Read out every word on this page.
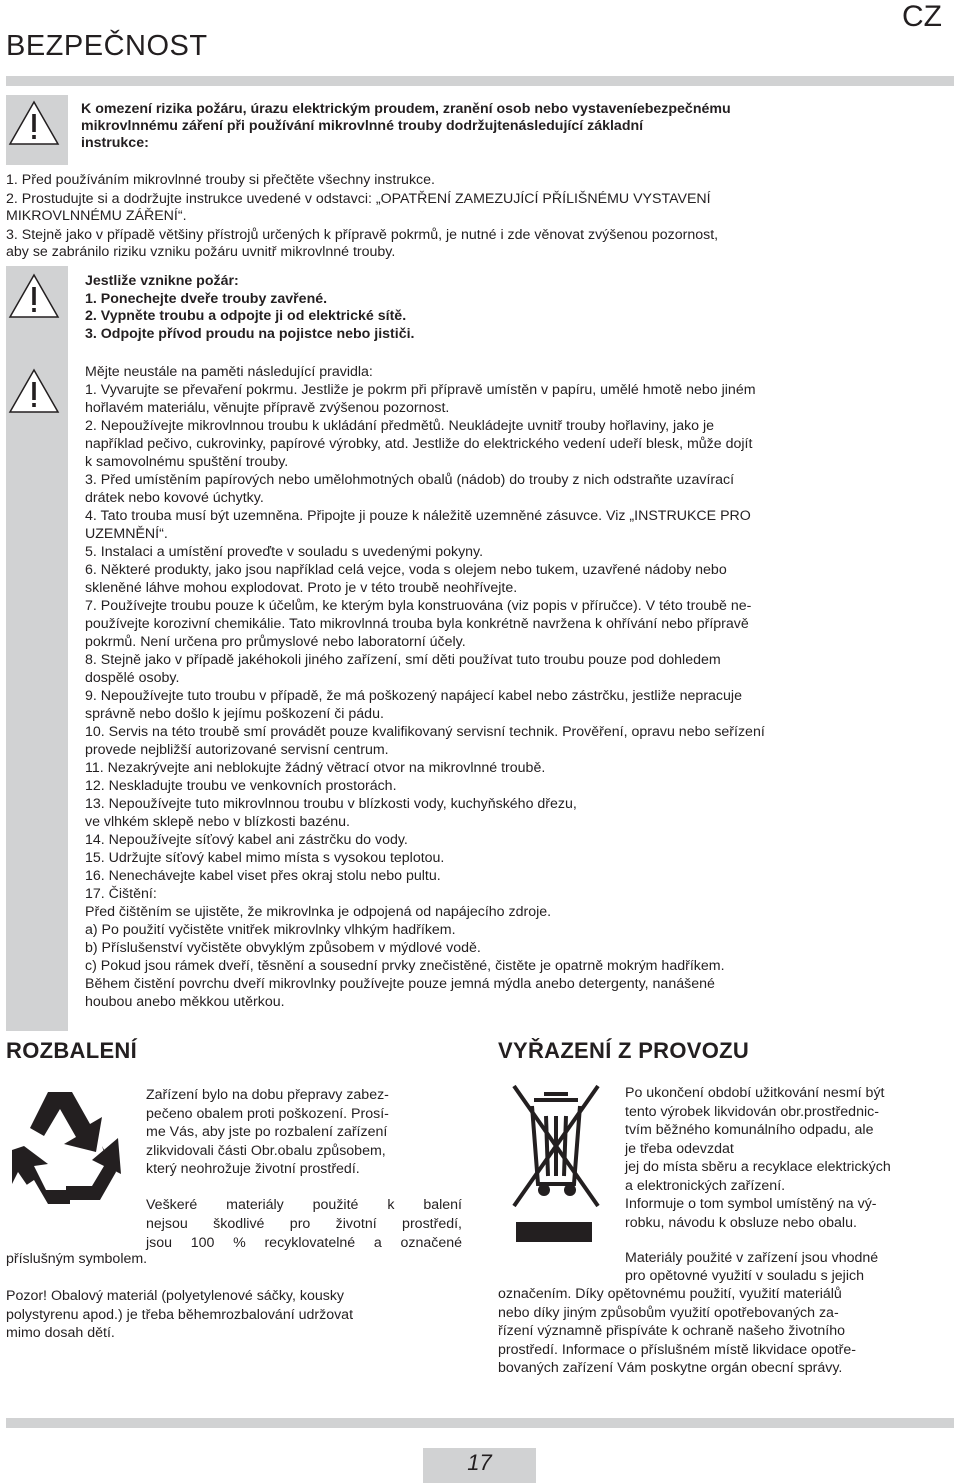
CZ
BEZPEČNOST
K omezení rizika požáru, úrazu elektrickým proudem, zranění osob nebo vystaveníebezpečnému
mikrovlnnému záření při používání mikrovlnné trouby dodržujtenásledující základní
instrukce:
1. Před používáním mikrovlnné trouby si přečtěte všechny instrukce.
2. Prostudujte si a dodržujte instrukce uvedené v odstavci: „OPATŘENÍ ZAMEZUJÍCÍ PŘÍLIŠNÉMU VYSTAVENÍ
MIKROVLNNÉMU ZÁŘENÍ“.
3. Stejně jako v případě většiny přístrojů určených k přípravě pokrmů, je nutné i zde věnovat zvýšenou pozornost,
aby se zabránilo riziku vzniku požáru uvnitř mikrovlnné trouby.
Jestliže vznikne požár:
1. Ponechejte dveře trouby zavřené.
2. Vypněte troubu a odpojte ji od elektrické sítě.
3. Odpojte přívod proudu na pojistce nebo jističi.
Mějte neustále na paměti následující pravidla:
1. Vyvarujte se převaření pokrmu. Jestliže je pokrm při přípravě umístěn v papíru, umělé hmotě nebo jiném
hořlavém materiálu, věnujte přípravě zvýšenou pozornost.
2. Nepoužívejte mikrovlnnou troubu k ukládání předmětů. Neukládejte uvnitř trouby hořlaviny, jako je
například pečivo, cukrovinky, papírové výrobky, atd. Jestliže do elektrického vedení udeří blesk, může dojít
k samovolnému spuštění trouby.
3. Před umístěním papírových nebo umělohmotných obalů (nádob) do trouby z nich odstraňte uzavírací
drátek nebo kovové úchytky.
4. Tato trouba musí být uzemněna. Připojte ji pouze k náležitě uzemněné zásuvce. Viz „INSTRUKCE PRO
UZEMNĚNÍ“.
5. Instalaci a umístění proveďte v souladu s uvedenými pokyny.
6. Některé produkty, jako jsou například celá vejce, voda s olejem nebo tukem, uzavřené nádoby nebo
skleněné láhve mohou explodovat. Proto je v této troubě neohřívejte.
7. Používejte troubu pouze k účelům, ke kterým byla konstruována (viz popis v příručce). V této troubě ne-
používejte korozivní chemikálie. Tato mikrovlnná trouba byla konkrétně navržena k ohřívání nebo přípravě
pokrmů. Není určena pro průmyslové nebo laboratorní účely.
8. Stejně jako v případě jakéhokoli jiného zařízení, smí děti používat tuto troubu pouze pod dohledem
dospělé osoby.
9. Nepoužívejte tuto troubu v případě, že má poškozený napájecí kabel nebo zástrčku, jestliže nepracuje
správně nebo došlo k jejímu poškození či pádu.
10. Servis na této troubě smí provádět pouze kvalifikovaný servisní technik. Prověření, opravu nebo seřízení
provede nejbližší autorizované servisní centrum.
11. Nezakrývejte ani neblokujte žádný větrací otvor na mikrovlnné troubě.
12. Neskladujte troubu ve venkovních prostorách.
13. Nepoužívejte tuto mikrovlnnou troubu v blízkosti vody, kuchyňského dřezu,
ve vlhkém sklepě nebo v blízkosti bazénu.
14. Nepoužívejte síťový kabel ani zástrčku do vody.
15. Udržujte síťový kabel mimo místa s vysokou teplotou.
16. Nenechávejte kabel viset přes okraj stolu nebo pultu.
17. Čištění:
Před čištěním se ujistěte, že mikrovlnka je odpojená od napájecího zdroje.
a) Po použití vyčistěte vnitřek mikrovlnky vlhkým hadříkem.
b) Příslušenství vyčistěte obvyklým způsobem v mýdlové vodě.
c) Pokud jsou rámek dveří, těsnění a sousední prvky znečistěné, čistěte je opatrně mokrým hadříkem.
Během čistění povrchu dveří mikrovlnky používejte pouze jemná mýdla anebo detergenty, nanášené
houbou anebo měkkou utěrkou.
ROZBALENÍ
Zařízení bylo na dobu přepravy zabez-
pečeno obalem proti poškození. Prosí-
me Vás, aby jste po rozbalení zařízení
zlikvidovali části Obr.obalu způsobem,
který neohrožuje životní prostředí.
Veškeré materiály použité k balení
nejsou škodlivé pro životní prostředí,
jsou 100 % recyklovatelné a označené
příslušným symbolem.
Pozor! Obalový materiál (polyetylenové sáčky, kousky
polystyrenu apod.) je třeba běhemrozbalování udržovat
mimo dosah dětí.
VYŘAZENÍ Z PROVOZU
Po ukončení období užitkování nesmí být
tento výrobek likvidován obr.prostřednic-
tvím běžného komunálního odpadu, ale
je třeba odevzdat
jej do místa sběru a recyklace elektrických
a elektronických zařízení.
Informuje o tom symbol umístěný na vý-
robku, návodu k obsluze nebo obalu.
Materiály použité v zařízení jsou vhodné
pro opětovné využití v souladu s jejich
označením. Díky opětovnému použití, využití materiálů
nebo díky jiným způsobům využití opotřebovaných za-
řízení významně přispíváte k ochraně našeho životního
prostředí. Informace o příslušném místě likvidace opotře-
bovaných zařízení Vám poskytne orgán obecní správy.
17
